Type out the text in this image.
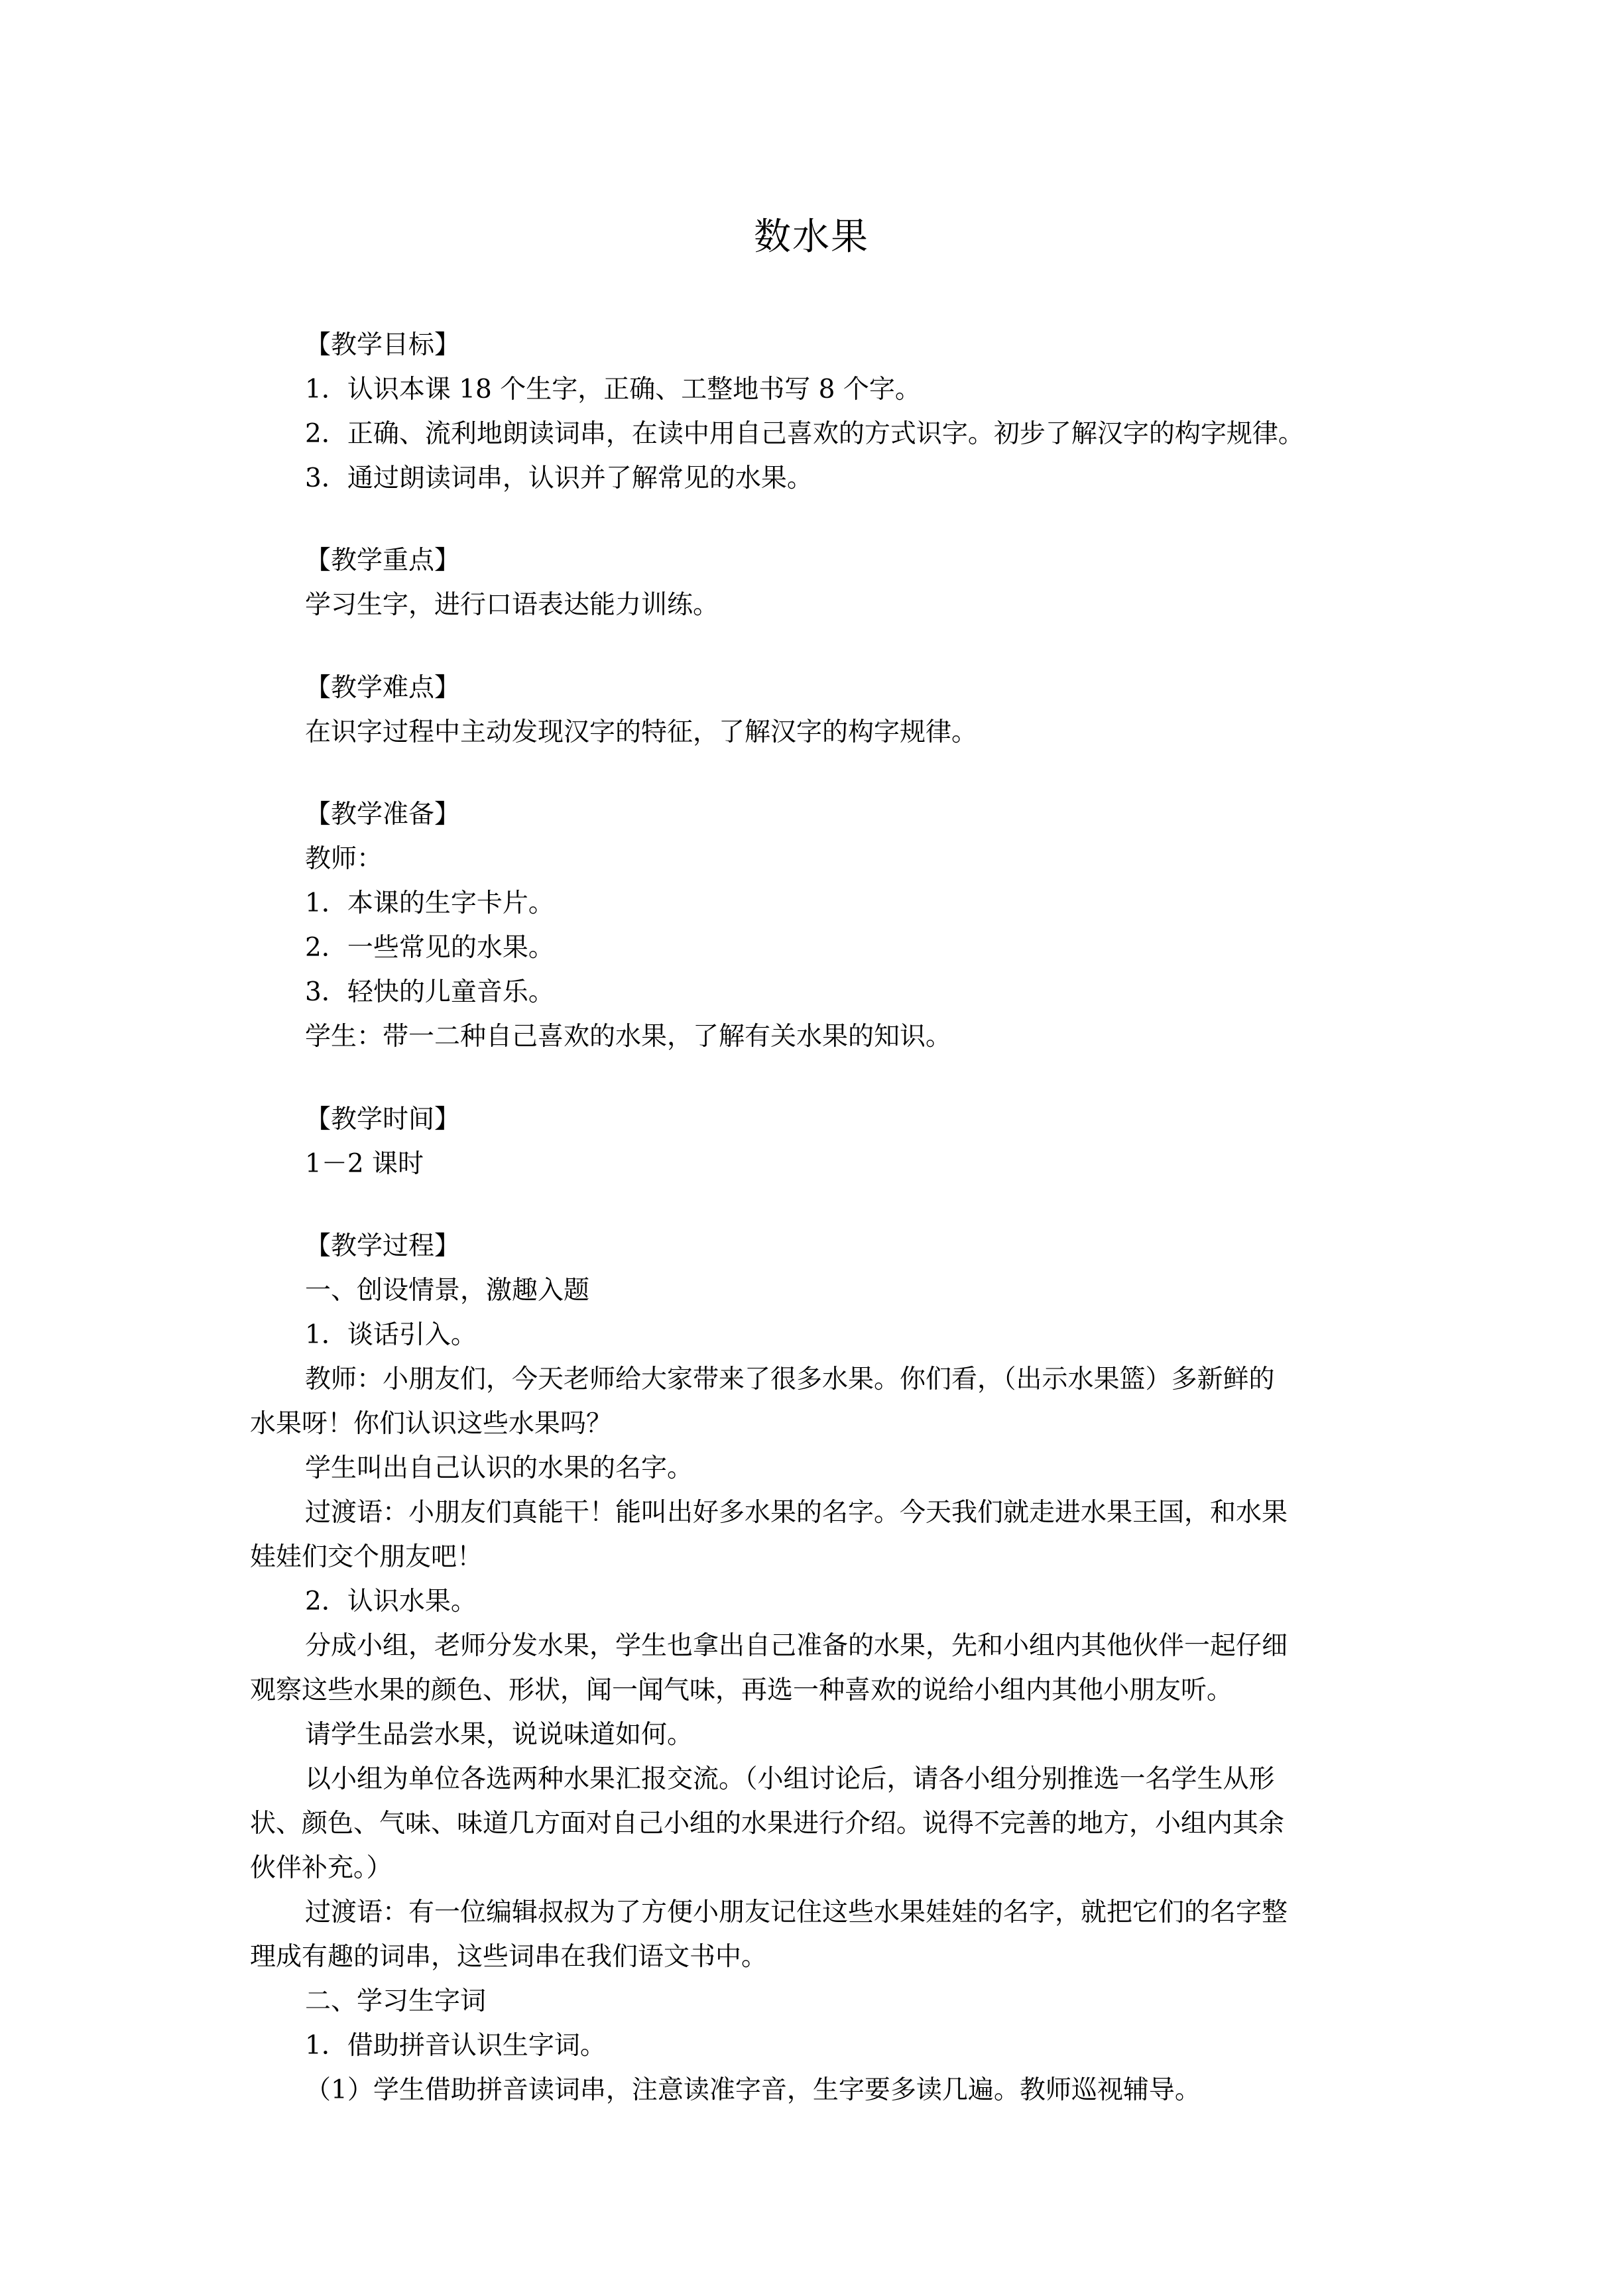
数水果
【教学目标】
1．认识本课 18 个生字，正确、工整地书写 8 个字。
2．正确、流利地朗读词串，在读中用自己喜欢的方式识字。初步了解汉字的构字规律。
3．通过朗读词串，认识并了解常见的水果。
【教学重点】
学习生字，进行口语表达能力训练。
【教学难点】
在识字过程中主动发现汉字的特征，了解汉字的构字规律。
【教学准备】
教师：
1．本课的生字卡片。
2．一些常见的水果。
3．轻快的儿童音乐。
学生：带一二种自己喜欢的水果，了解有关水果的知识。
【教学时间】
1－2 课时
【教学过程】
一、创设情景，激趣入题
1．谈话引入。
教师：小朋友们，今天老师给大家带来了很多水果。你们看，（出示水果篮）多新鲜的
水果呀！你们认识这些水果吗？
学生叫出自己认识的水果的名字。
过渡语：小朋友们真能干！能叫出好多水果的名字。今天我们就走进水果王国，和水果
娃娃们交个朋友吧！
2．认识水果。
分成小组，老师分发水果，学生也拿出自己准备的水果，先和小组内其他伙伴一起仔细
观察这些水果的颜色、形状，闻一闻气味，再选一种喜欢的说给小组内其他小朋友听。
请学生品尝水果，说说味道如何。
以小组为单位各选两种水果汇报交流。（小组讨论后，请各小组分别推选一名学生从形
状、颜色、气味、味道几方面对自己小组的水果进行介绍。说得不完善的地方，小组内其余
伙伴补充。）
过渡语：有一位编辑叔叔为了方便小朋友记住这些水果娃娃的名字，就把它们的名字整
理成有趣的词串，这些词串在我们语文书中。
二、学习生字词
1．借助拼音认识生字词。
（1）学生借助拼音读词串，注意读准字音，生字要多读几遍。教师巡视辅导。
